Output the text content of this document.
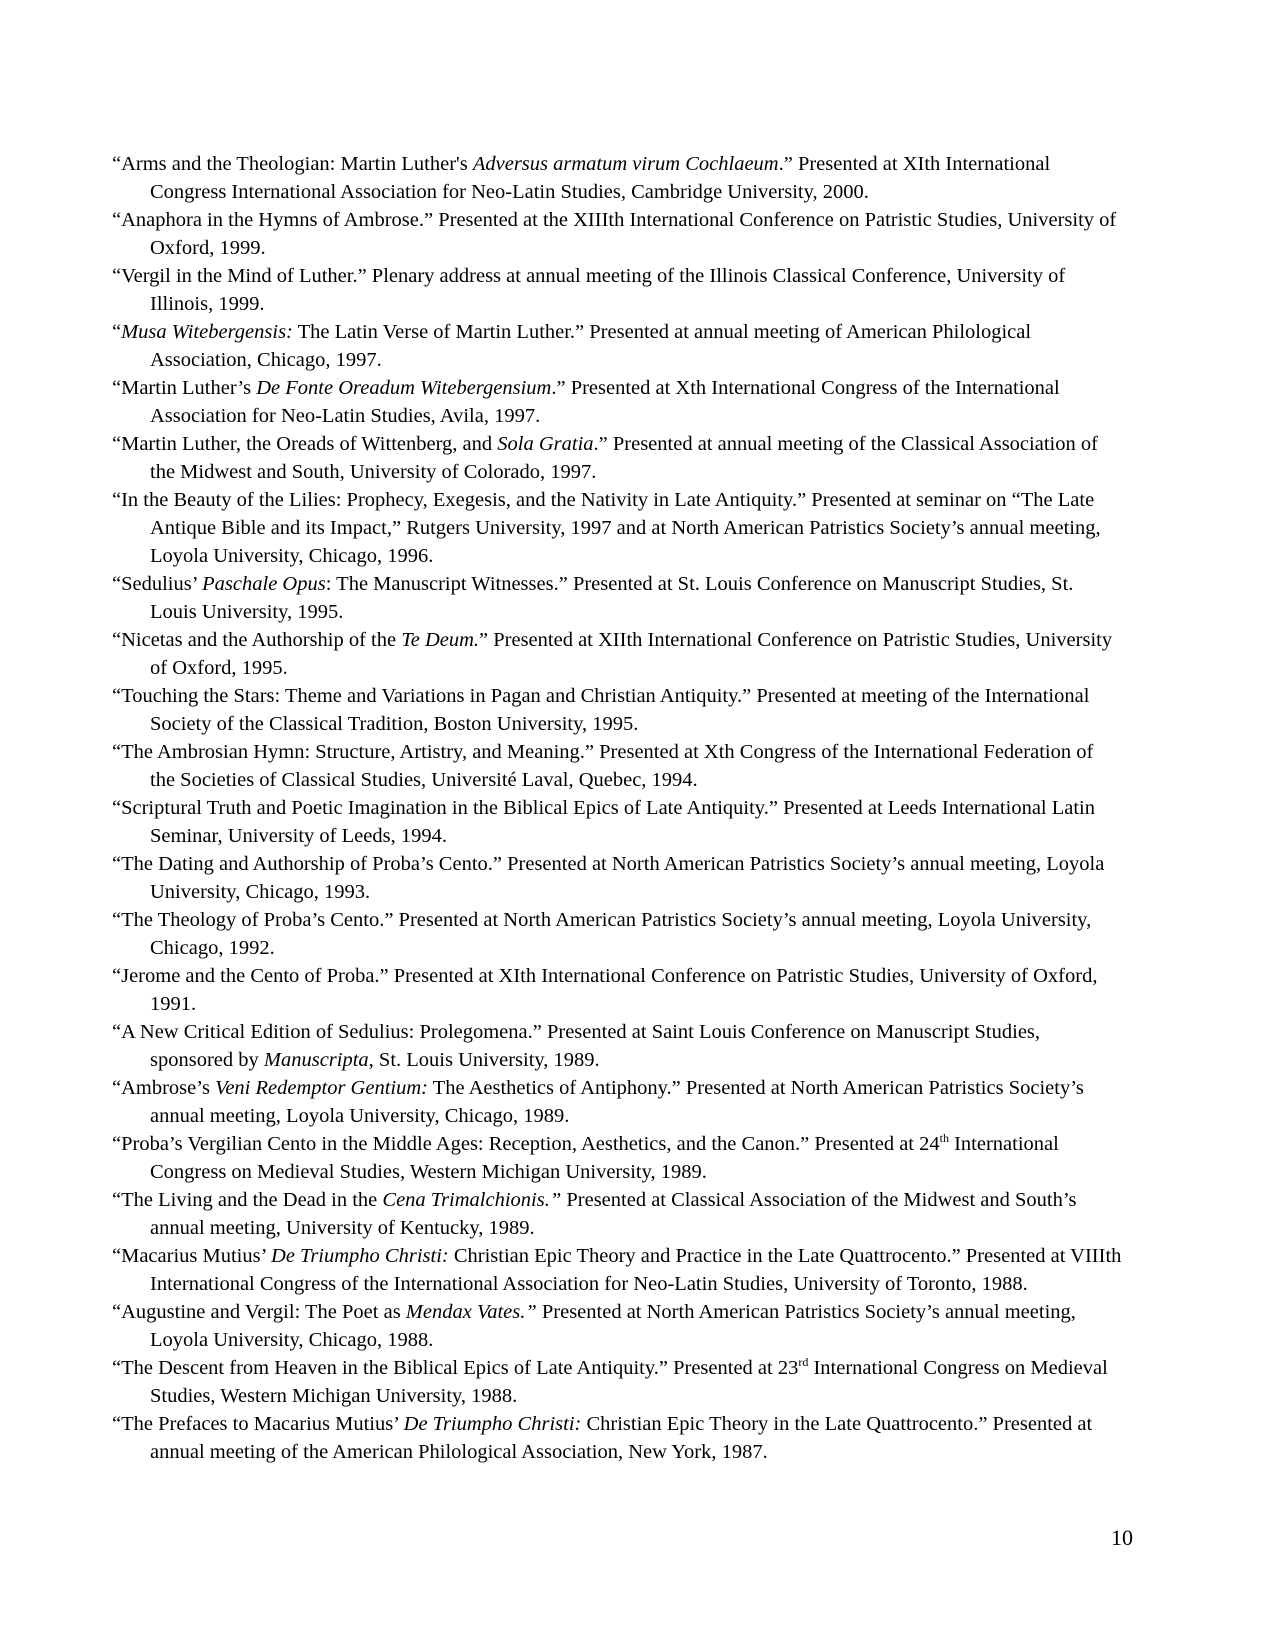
“Arms and the Theologian: Martin Luther's Adversus armatum virum Cochlaeum.” Presented at XIth International Congress International Association for Neo-Latin Studies, Cambridge University, 2000.
“Anaphora in the Hymns of Ambrose.” Presented at the XIIIth International Conference on Patristic Studies, University of Oxford, 1999.
“Vergil in the Mind of Luther.” Plenary address at annual meeting of the Illinois Classical Conference, University of Illinois, 1999.
“Musa Witebergensis: The Latin Verse of Martin Luther.” Presented at annual meeting of American Philological Association, Chicago, 1997.
“Martin Luther’s De Fonte Oreadum Witebergensium.” Presented at Xth International Congress of the International Association for Neo-Latin Studies, Avila, 1997.
“Martin Luther, the Oreads of Wittenberg, and Sola Gratia.” Presented at annual meeting of the Classical Association of the Midwest and South, University of Colorado, 1997.
“In the Beauty of the Lilies: Prophecy, Exegesis, and the Nativity in Late Antiquity.” Presented at seminar on “The Late Antique Bible and its Impact,” Rutgers University, 1997 and at North American Patristics Society’s annual meeting, Loyola University, Chicago, 1996.
“Sedulius’ Paschale Opus: The Manuscript Witnesses.” Presented at St. Louis Conference on Manuscript Studies, St. Louis University, 1995.
“Nicetas and the Authorship of the Te Deum.” Presented at XIIth International Conference on Patristic Studies, University of Oxford, 1995.
“Touching the Stars: Theme and Variations in Pagan and Christian Antiquity.” Presented at meeting of the International Society of the Classical Tradition, Boston University, 1995.
“The Ambrosian Hymn: Structure, Artistry, and Meaning.” Presented at Xth Congress of the International Federation of the Societies of Classical Studies, Université Laval, Quebec, 1994.
“Scriptural Truth and Poetic Imagination in the Biblical Epics of Late Antiquity.” Presented at Leeds International Latin Seminar, University of Leeds, 1994.
“The Dating and Authorship of Proba’s Cento.” Presented at North American Patristics Society’s annual meeting, Loyola University, Chicago, 1993.
“The Theology of Proba’s Cento.” Presented at North American Patristics Society’s annual meeting, Loyola University, Chicago, 1992.
“Jerome and the Cento of Proba.” Presented at XIth International Conference on Patristic Studies, University of Oxford, 1991.
“A New Critical Edition of Sedulius: Prolegomena.” Presented at Saint Louis Conference on Manuscript Studies, sponsored by Manuscripta, St. Louis University, 1989.
“Ambrose’s Veni Redemptor Gentium: The Aesthetics of Antiphony.” Presented at North American Patristics Society’s annual meeting, Loyola University, Chicago, 1989.
“Proba’s Vergilian Cento in the Middle Ages: Reception, Aesthetics, and the Canon.” Presented at 24th International Congress on Medieval Studies, Western Michigan University, 1989.
“The Living and the Dead in the Cena Trimalchionis.” Presented at Classical Association of the Midwest and South’s annual meeting, University of Kentucky, 1989.
“Macarius Mutius’ De Triumpho Christi: Christian Epic Theory and Practice in the Late Quattrocento.” Presented at VIIIth International Congress of the International Association for Neo-Latin Studies, University of Toronto, 1988.
“Augustine and Vergil: The Poet as Mendax Vates.” Presented at North American Patristics Society’s annual meeting, Loyola University, Chicago, 1988.
“The Descent from Heaven in the Biblical Epics of Late Antiquity.” Presented at 23rd International Congress on Medieval Studies, Western Michigan University, 1988.
“The Prefaces to Macarius Mutius’ De Triumpho Christi: Christian Epic Theory in the Late Quattrocento.” Presented at annual meeting of the American Philological Association, New York, 1987.
10
